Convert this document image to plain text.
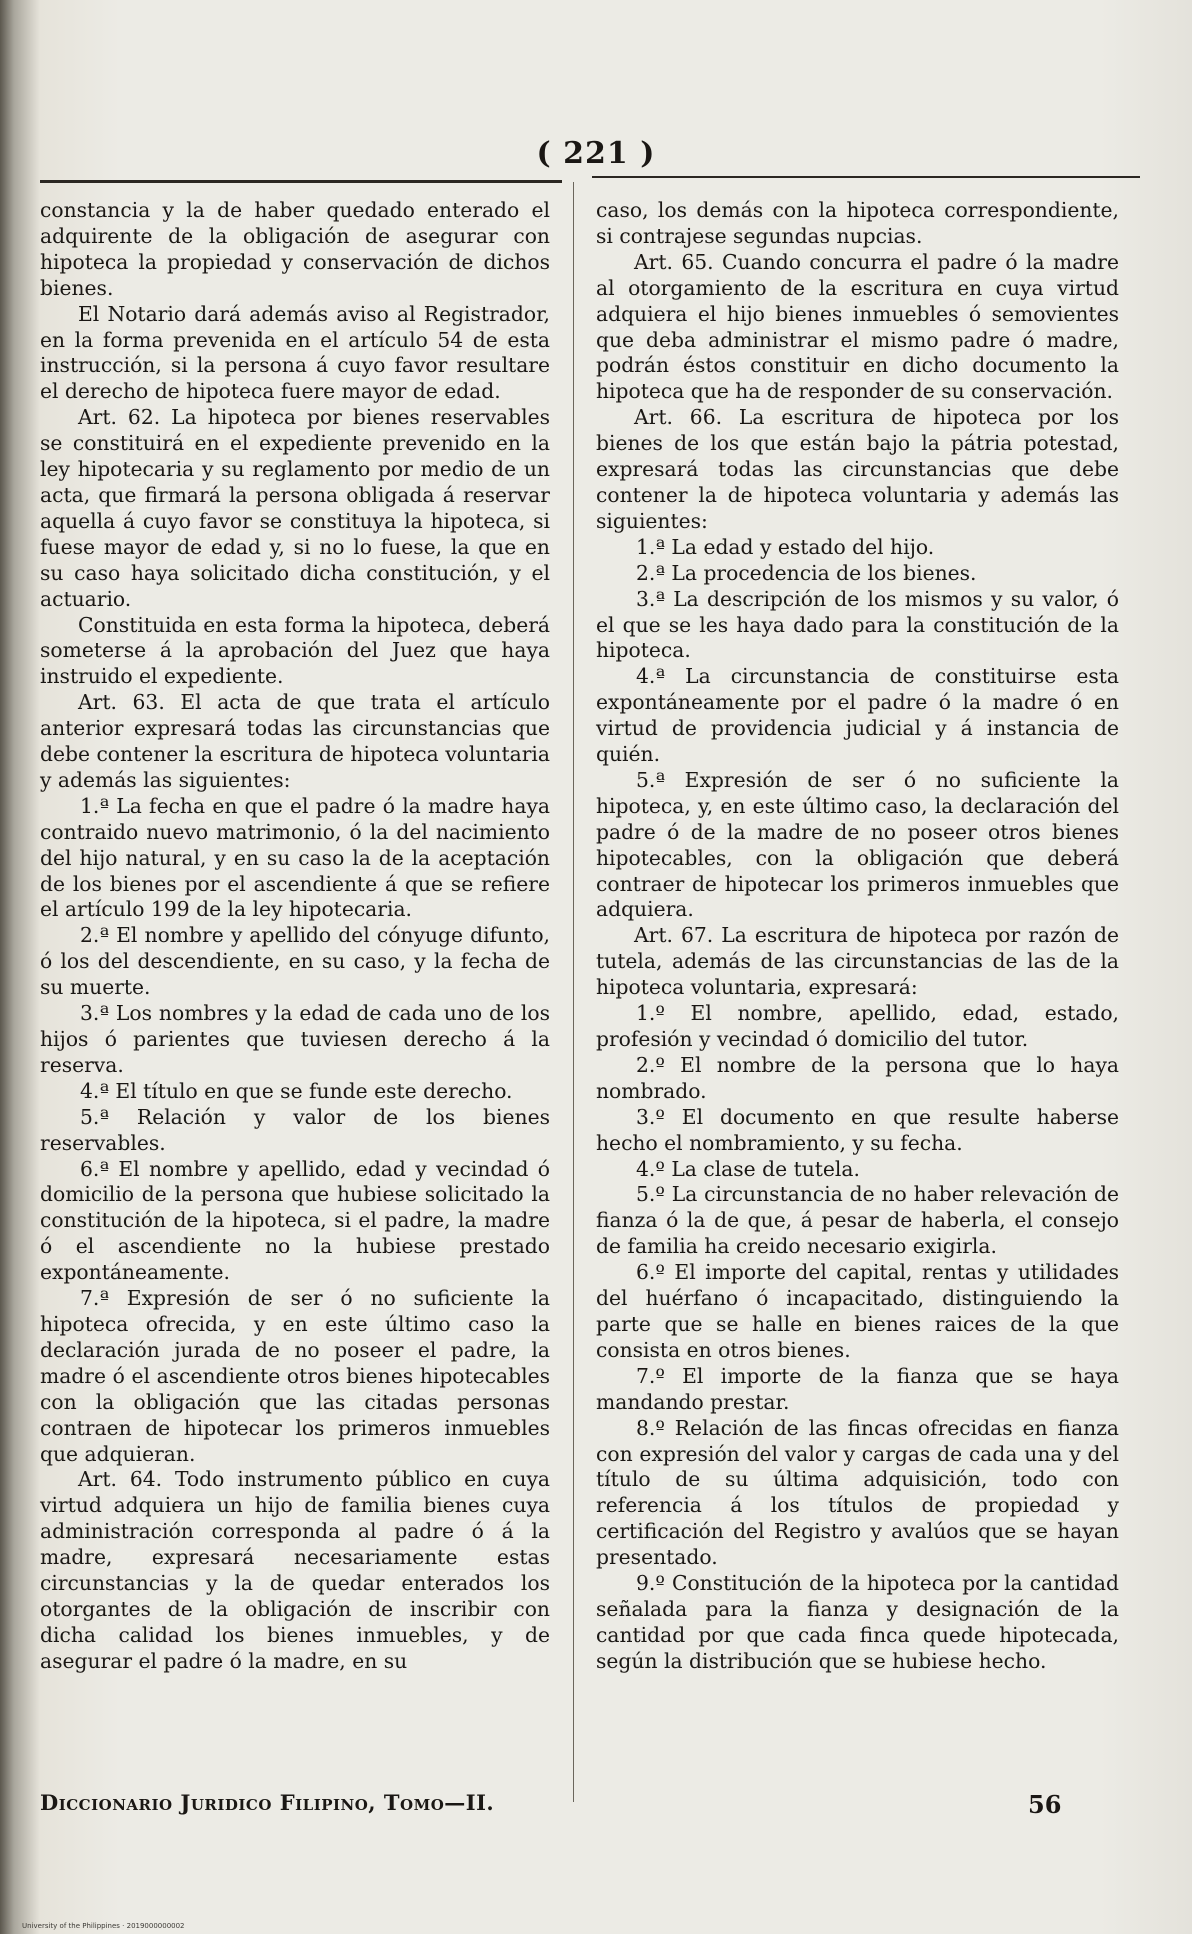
( 221 )

constancia y la de haber quedado enterado el adquirente de la obligación de asegurar con hipoteca la propiedad y conservación de dichos bienes.

El Notario dará además aviso al Registrador, en la forma prevenida en el artículo 54 de esta instrucción, si la persona á cuyo favor resultare el derecho de hipoteca fuere mayor de edad.

Art. 62. La hipoteca por bienes reservables se constituirá en el expediente prevenido en la ley hipotecaria y su reglamento por medio de un acta, que firmará la persona obligada á reservar aquella á cuyo favor se constituya la hipoteca, si fuese mayor de edad y, si no lo fuese, la que en su caso haya solicitado dicha constitución, y el actuario.

Constituida en esta forma la hipoteca, deberá someterse á la aprobación del Juez que haya instruido el expediente.

Art. 63. El acta de que trata el artículo anterior expresará todas las circunstancias que debe contener la escritura de hipoteca voluntaria y además las siguientes:

1.ª La fecha en que el padre ó la madre haya contraido nuevo matrimonio, ó la del nacimiento del hijo natural, y en su caso la de la aceptación de los bienes por el ascendiente á que se refiere el artículo 199 de la ley hipotecaria.

2.ª El nombre y apellido del cónyuge difunto, ó los del descendiente, en su caso, y la fecha de su muerte.

3.ª Los nombres y la edad de cada uno de los hijos ó parientes que tuviesen derecho á la reserva.

4.ª El título en que se funde este derecho.

5.ª Relación y valor de los bienes reservables.

6.ª El nombre y apellido, edad y vecindad ó domicilio de la persona que hubiese solicitado la constitución de la hipoteca, si el padre, la madre ó el ascendiente no la hubiese prestado expontáneamente.

7.ª Expresión de ser ó no suficiente la hipoteca ofrecida, y en este último caso la declaración jurada de no poseer el padre, la madre ó el ascendiente otros bienes hipotecables con la obligación que las citadas personas contraen de hipotecar los primeros inmuebles que adquieran.

Art. 64. Todo instrumento público en cuya virtud adquiera un hijo de familia bienes cuya administración corresponda al padre ó á la madre, expresará necesariamente estas circunstancias y la de quedar enterados los otorgantes de la obligación de inscribir con dicha calidad los bienes inmuebles, y de asegurar el padre ó la madre, en su

caso, los demás con la hipoteca correspondiente, si contrajese segundas nupcias.

Art. 65. Cuando concurra el padre ó la madre al otorgamiento de la escritura en cuya virtud adquiera el hijo bienes inmuebles ó semovientes que deba administrar el mismo padre ó madre, podrán éstos constituir en dicho documento la hipoteca que ha de responder de su conservación.

Art. 66. La escritura de hipoteca por los bienes de los que están bajo la pátria potestad, expresará todas las circunstancias que debe contener la de hipoteca voluntaria y además las siguientes:

1.ª La edad y estado del hijo.

2.ª La procedencia de los bienes.

3.ª La descripción de los mismos y su valor, ó el que se les haya dado para la constitución de la hipoteca.

4.ª La circunstancia de constituirse esta expontáneamente por el padre ó la madre ó en virtud de providencia judicial y á instancia de quién.

5.ª Expresión de ser ó no suficiente la hipoteca, y, en este último caso, la declaración del padre ó de la madre de no poseer otros bienes hipotecables, con la obligación que deberá contraer de hipotecar los primeros inmuebles que adquiera.

Art. 67. La escritura de hipoteca por razón de tutela, además de las circunstancias de las de la hipoteca voluntaria, expresará:

1.º El nombre, apellido, edad, estado, profesión y vecindad ó domicilio del tutor.

2.º El nombre de la persona que lo haya nombrado.

3.º El documento en que resulte haberse hecho el nombramiento, y su fecha.

4.º La clase de tutela.

5.º La circunstancia de no haber relevación de fianza ó la de que, á pesar de haberla, el consejo de familia ha creido necesario exigirla.

6.º El importe del capital, rentas y utilidades del huérfano ó incapacitado, distinguiendo la parte que se halle en bienes raices de la que consista en otros bienes.

7.º El importe de la fianza que se haya mandando prestar.

8.º Relación de las fincas ofrecidas en fianza con expresión del valor y cargas de cada una y del título de su última adquisición, todo con referencia á los títulos de propiedad y certificación del Registro y avalúos que se hayan presentado.

9.º Constitución de la hipoteca por la cantidad señalada para la fianza y designación de la cantidad por que cada finca quede hipotecada, según la distribución que se hubiese hecho.

Diccionario Juridico Filipino, Tomo—II.	56
University of the Philippines · 2019000000002
